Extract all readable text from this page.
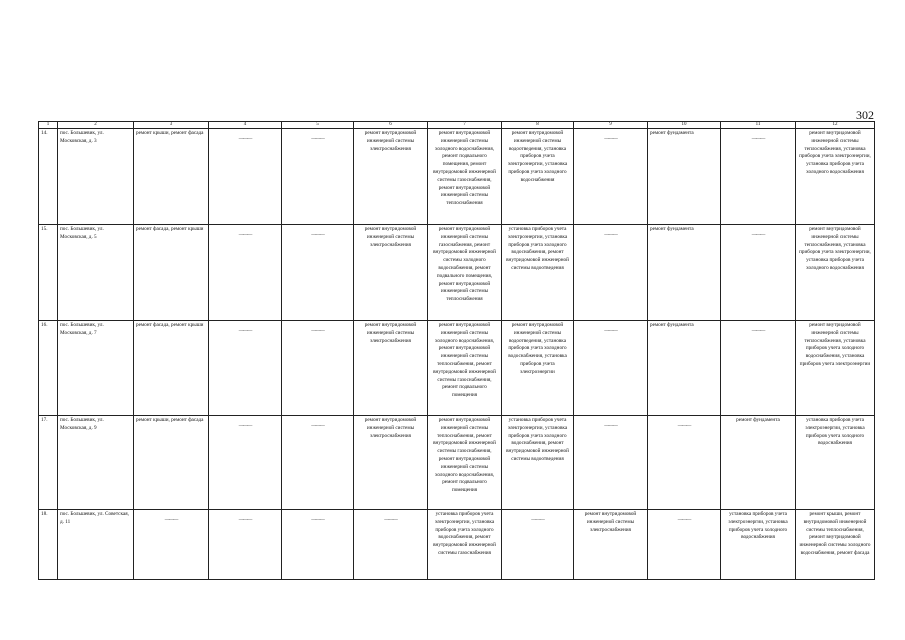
302
1	2	3	4	5	6	7	8	9	10	11	12
14.	пос. Большевик, ул. Московская, д. 3	ремонт крыши, ремонт фасада	———	———	ремонт внутридомовой инженерной системы электроснабжения	ремонт внутридомовой инженерной системы холодного водоснабжения, ремонт подвального помещения, ремонт внутридомовой инженерной системы газоснабжения, ремонт внутридомовой инженерной системы теплоснабжения	ремонт внутридомовой инженерной системы водоотведения, установка приборов учета электроэнергии, установка приборов учета холодного водоснабжения	———	ремонт фундамента	———	ремонт внутридомовой инженерной системы теплоснабжения, установка приборов учета электроэнергии, установка приборов учета холодного водоснабжения
15.	пос. Большевик, ул. Московская, д. 5	ремонт фасада, ремонт крыши	———	———	ремонт внутридомовой инженерной системы электроснабжения	ремонт внутридомовой инженерной системы газоснабжения, ремонт внутридомовой инженерной системы холодного водоснабжения, ремонт подвального помещения, ремонт внутридомовой инженерной системы теплоснабжения	установка приборов учета электроэнергии, установка приборов учета холодного водоснабжения, ремонт внутридомовой инженерной системы водоотведения	———	ремонт фундамента	———	ремонт внутридомовой инженерной системы теплоснабжения, установка приборов учета электроэнергии, установка приборов учета холодного водоснабжения
16.	пос. Большевик, ул. Московская, д. 7	ремонт фасада, ремонт крыши	———	———	ремонт внутридомовой инженерной системы электроснабжения	ремонт внутридомовой инженерной системы холодного водоснабжения, ремонт внутридомовой инженерной системы теплоснабжения, ремонт внутридомовой инженерной системы газоснабжения, ремонт подвального помещения	ремонт внутридомовой инженерной системы водоотведения, установка приборов учета холодного водоснабжения, установка приборов учета электроэнергии	———	ремонт фундамента	———	ремонт внутридомовой инженерной системы теплоснабжения, установка приборов учета холодного водоснабжения, установка приборов учета электроэнергии
17.	пос. Большевик, ул. Московская, д. 9	ремонт крыши, ремонт фасада	———	———	ремонт внутридомовой инженерной системы электроснабжения	ремонт внутридомовой инженерной системы теплоснабжения, ремонт внутридомовой инженерной системы газоснабжения, ремонт внутридомовой инженерной системы холодного водоснабжения, ремонт подвального помещения	установка приборов учета электроэнергии, установка приборов учета холодного водоснабжения, ремонт внутридомовой инженерной системы водоотведения	———	———	ремонт фундамента	установка приборов учета электроэнергии, установка приборов учета холодного водоснабжения
18.	пос. Большевик, ул. Советская, д. 11	———	———	———	———	установка приборов учета электроэнергии, установка приборов учета холодного водоснабжения, ремонт внутридомовой инженерной системы газоснабжения	———	ремонт внутридомовой инженерной системы электроснабжения	———	установка приборов учета электроэнергии, установка приборов учета холодного водоснабжения	ремонт крыши, ремонт внутридомовой инженерной системы теплоснабжения, ремонт внутридомовой инженерной системы холодного водоснабжения, ремонт фасада
